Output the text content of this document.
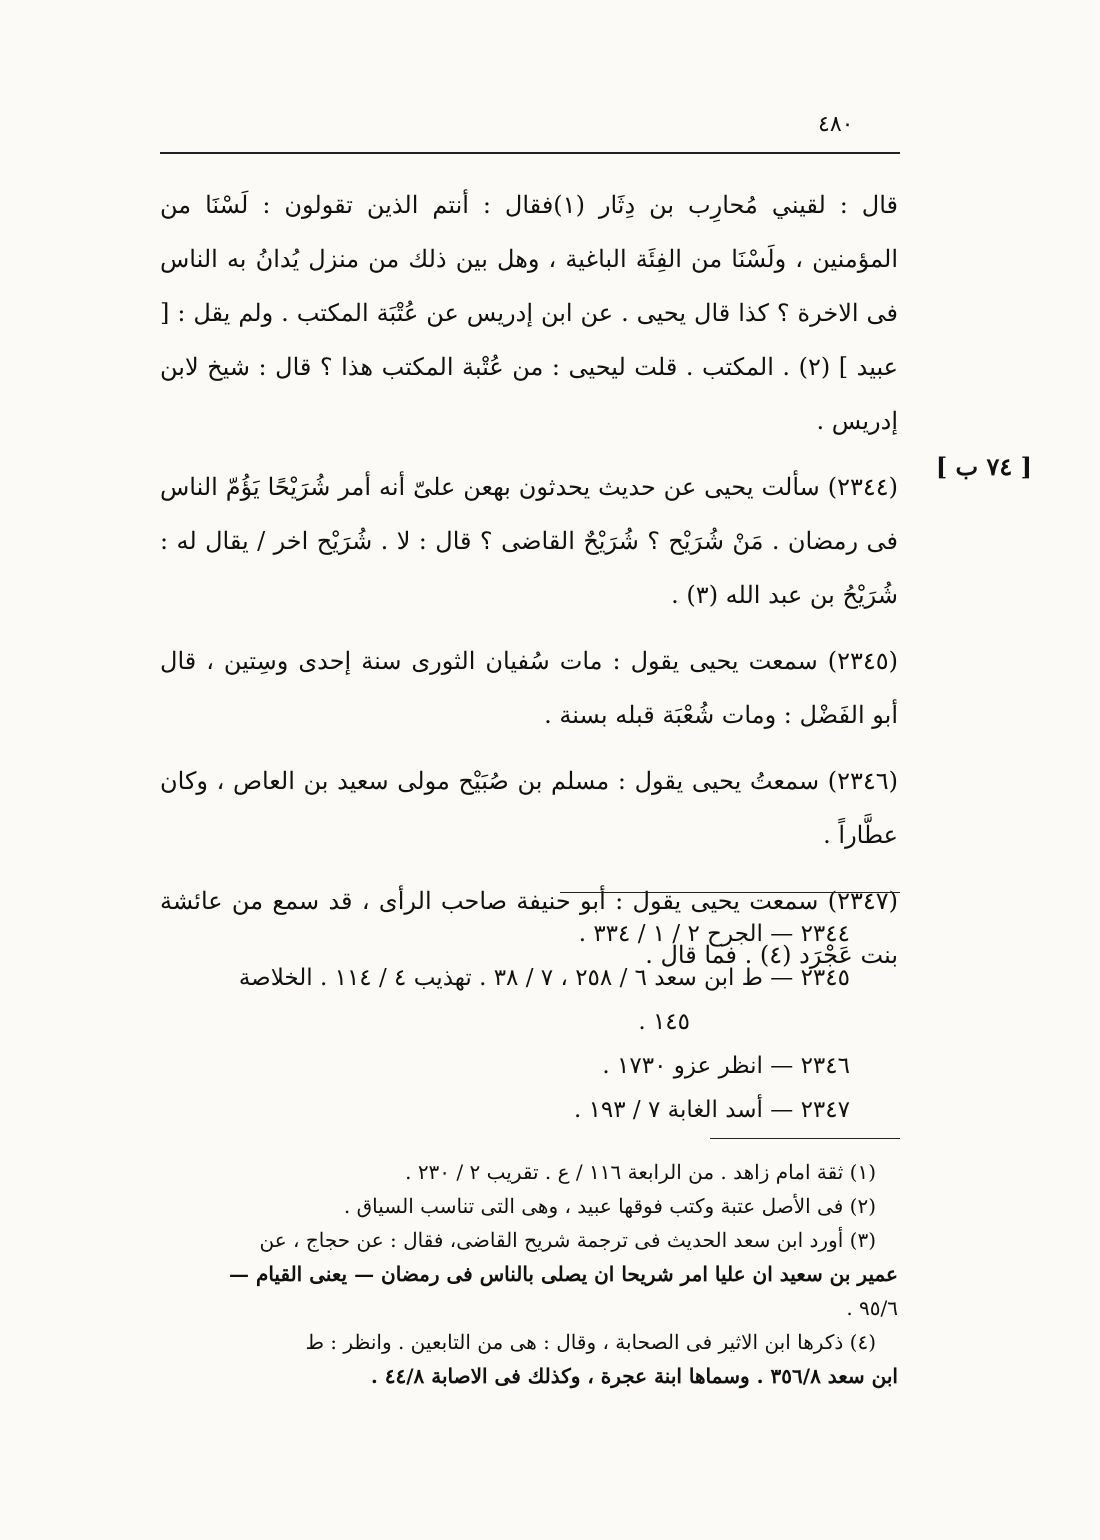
٤٨٠

قال : لقيني مُحارِب بن دِثَار (١)فقال : أنتم الذين تقولون : لَسْنَا من المؤمنين ، ولَسْنَا من الفِئَة الباغية ، وهل بين ذلك من منزل يُدانُ به الناس فى الاخرة ؟ كذا قال يحيى . عن ابن إدريس عن عُتْبَة المكتب . ولم يقل : [ عبيد ] (٢) . المكتب . قلت ليحيى : من عُتْبة المكتب هذا ؟ قال : شيخ لابن إدريس .

(٢٣٤٤) سألت يحيى عن حديث يحدثون بهعن علىّ أنه أمر شُرَيْحًا يَؤُمّ الناس فى رمضان . مَنْ شُرَيْح ؟ شُرَيْحٌ القاضى ؟ قال : لا . شُرَيْح اخر / يقال له : شُرَيْحُ بن عبد الله (٣) .

(٢٣٤٥) سمعت يحيى يقول : مات سُفيان الثورى سنة إحدى وسِتين ، قال أبو الفَضْل : ومات شُعْبَة قبله بسنة .

(٢٣٤٦) سمعتُ يحيى يقول : مسلم بن صُبَيْح مولى سعيد بن العاص ، وكان عطَّاراً .

(٢٣٤٧) سمعت يحيى يقول : أبو حنيفة صاحب الرأى ، قد سمع من عائشة بنت عَجْرَد (٤) . فما قال .

[ ٧٤ ب ]
٢٣٤٤ — الجرح ٢ / ١ / ٣٣٤ .
٢٣٤٥ — ط ابن سعد ٦ / ٢٥٨ ، ٧ / ٣٨ . تهذيب ٤ / ١١٤ . الخلاصة
١٤٥ .
٢٣٤٦ — انظر عزو ١٧٣٠ .
٢٣٤٧ — أسد الغابة ٧ / ١٩٣ .

(١) ثقة امام زاهد . من الرابعة ١١٦ / ع . تقريب ٢ / ٢٣٠ .

(٢) فى الأصل عتبة وكتب فوقها عبيد ، وهى التى تناسب السياق .

(٣) أورد ابن سعد الحديث فى ترجمة شريح القاضى، فقال : عن حجاج ، عن

عمير بن سعيد ان عليا امر شريحا ان يصلى بالناس فى رمضان — يعنى القيام —

٩٥/٦ .

(٤) ذكرها ابن الاثير فى الصحابة ، وقال : هى من التابعين . وانظر : ط

ابن سعد ٣٥٦/٨ . وسماها ابنة عجرة ، وكذلك فى الاصابة ٤٤/٨ .
